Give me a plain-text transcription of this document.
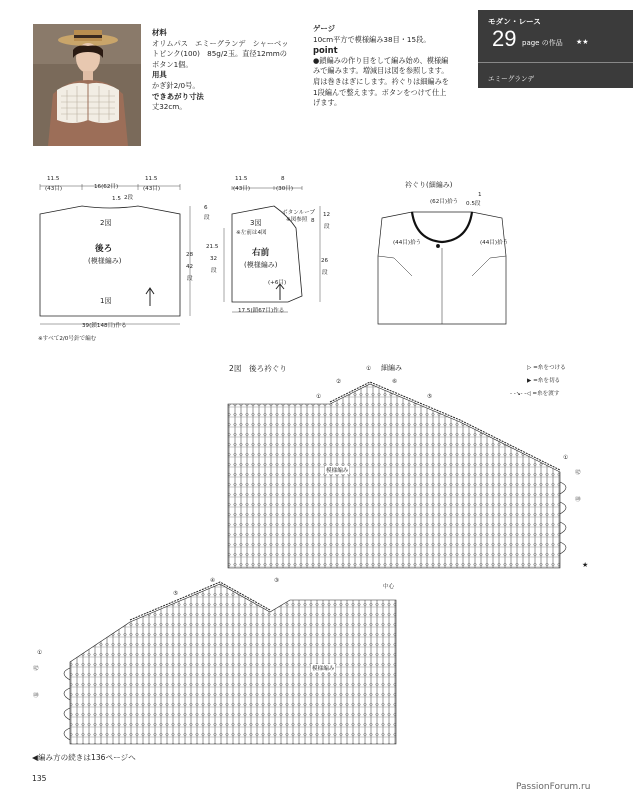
材料
オリムパス　エミーグランデ　シャーベッ
トピンク(100)　85g/2玉。直径12mmの
ボタン1個。
用具
かぎ針2/0号。
できあがり寸法
丈32cm。
ゲージ
10cm平方で模様編み38目・15段。
point
●鎖編みの作り目をして編み始め、模様編
みで編みます。増減目は図を参照します。
肩は巻きはぎにします。衿ぐりは細編みを
1段編んで整えます。ボタンをつけて仕上
げます。
モダン・レース
29 page の作品 ★★
エミーグランデ
11.5
(43目)	16(62目)
11.5
(43目)
1.5 2段
2図
後ろ
(模様編み)
1図
6
段
28
42
段
39(鎖148目)作る
※すべて2/0号針で編む
11.5
(43目)
8
(30目)
3図
※左前は4図
ボタンループ
※図参照
右前
(模様編み)
(+6目)
21.5
32
段
8
12
段
26
段
17.5(鎖67目)作る
衿ぐり(細編み)
(62目)拾う
(44目)拾う	(44目)拾う
1
0.5段
2図　後ろ衿ぐり	細編み	▷ =糸をつける
▶ =糸を切る
- -↘- -◁ =糸を渡す
②
①
⑥
①	⑤
①
㊷
㊵
模様編み
★
⑤
④	③
①
㊷
㊵
中心
模様編み
◀編み方の続きは136ページへ
135
PassionForum.ru
